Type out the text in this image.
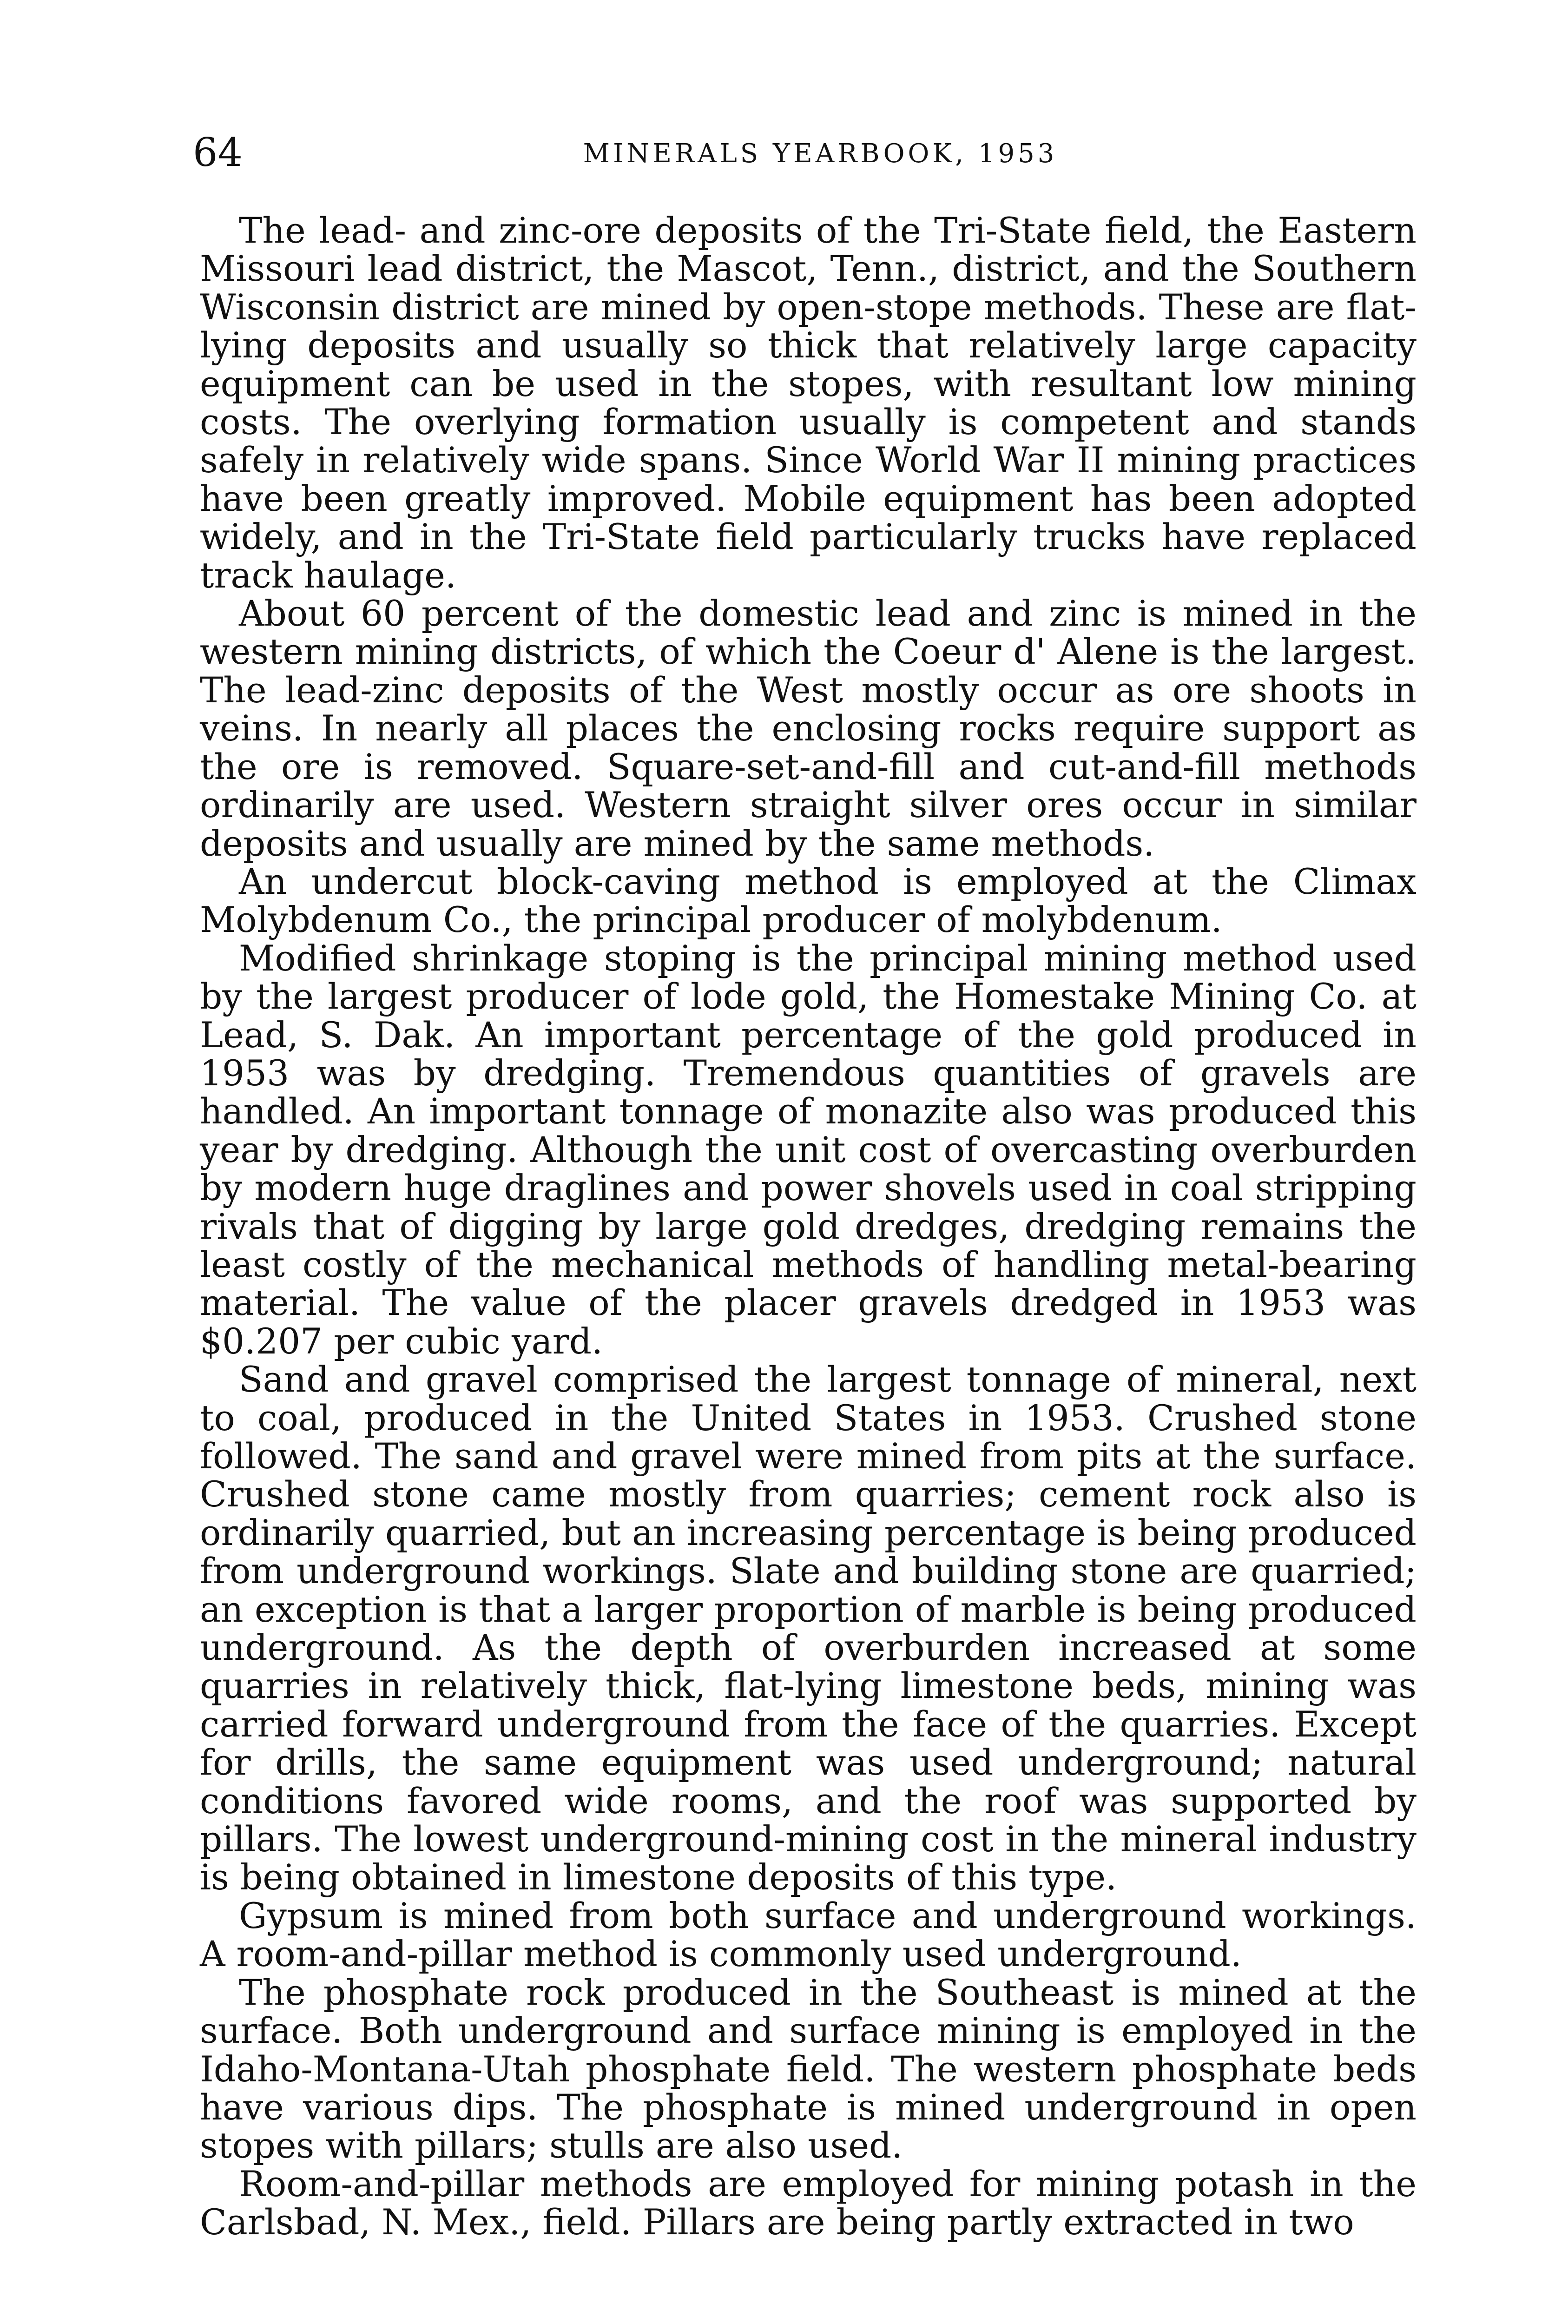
64	MINERALS YEARBOOK, 1953

The lead- and zinc-ore deposits of the Tri-State field, the Eastern Missouri lead district, the Mascot, Tenn., district, and the Southern Wisconsin district are mined by open-stope methods. These are flat-lying deposits and usually so thick that relatively large capacity equipment can be used in the stopes, with resultant low mining costs. The overlying formation usually is competent and stands safely in relatively wide spans. Since World War II mining practices have been greatly improved. Mobile equipment has been adopted widely, and in the Tri-State field particularly trucks have replaced track haulage.

About 60 percent of the domestic lead and zinc is mined in the western mining districts, of which the Coeur d' Alene is the largest. The lead-zinc deposits of the West mostly occur as ore shoots in veins. In nearly all places the enclosing rocks require support as the ore is removed. Square-set-and-fill and cut-and-fill methods ordinarily are used. Western straight silver ores occur in similar deposits and usually are mined by the same methods.

An undercut block-caving method is employed at the Climax Molybdenum Co., the principal producer of molybdenum.

Modified shrinkage stoping is the principal mining method used by the largest producer of lode gold, the Homestake Mining Co. at Lead, S. Dak. An important percentage of the gold produced in 1953 was by dredging. Tremendous quantities of gravels are handled. An important tonnage of monazite also was produced this year by dredging. Although the unit cost of overcasting overburden by modern huge draglines and power shovels used in coal stripping rivals that of digging by large gold dredges, dredging remains the least costly of the mechanical methods of handling metal-bearing material. The value of the placer gravels dredged in 1953 was $0.207 per cubic yard.

Sand and gravel comprised the largest tonnage of mineral, next to coal, produced in the United States in 1953. Crushed stone followed. The sand and gravel were mined from pits at the surface. Crushed stone came mostly from quarries; cement rock also is ordinarily quarried, but an increasing percentage is being produced from underground workings. Slate and building stone are quarried; an exception is that a larger proportion of marble is being produced underground. As the depth of overburden increased at some quarries in relatively thick, flat-lying limestone beds, mining was carried forward underground from the face of the quarries. Except for drills, the same equipment was used underground; natural conditions favored wide rooms, and the roof was supported by pillars. The lowest underground-mining cost in the mineral industry is being obtained in limestone deposits of this type.

Gypsum is mined from both surface and underground workings. A room-and-pillar method is commonly used underground.

The phosphate rock produced in the Southeast is mined at the surface. Both underground and surface mining is employed in the Idaho-Montana-Utah phosphate field. The western phosphate beds have various dips. The phosphate is mined underground in open stopes with pillars; stulls are also used.

Room-and-pillar methods are employed for mining potash in the Carlsbad, N. Mex., field. Pillars are being partly extracted in two
